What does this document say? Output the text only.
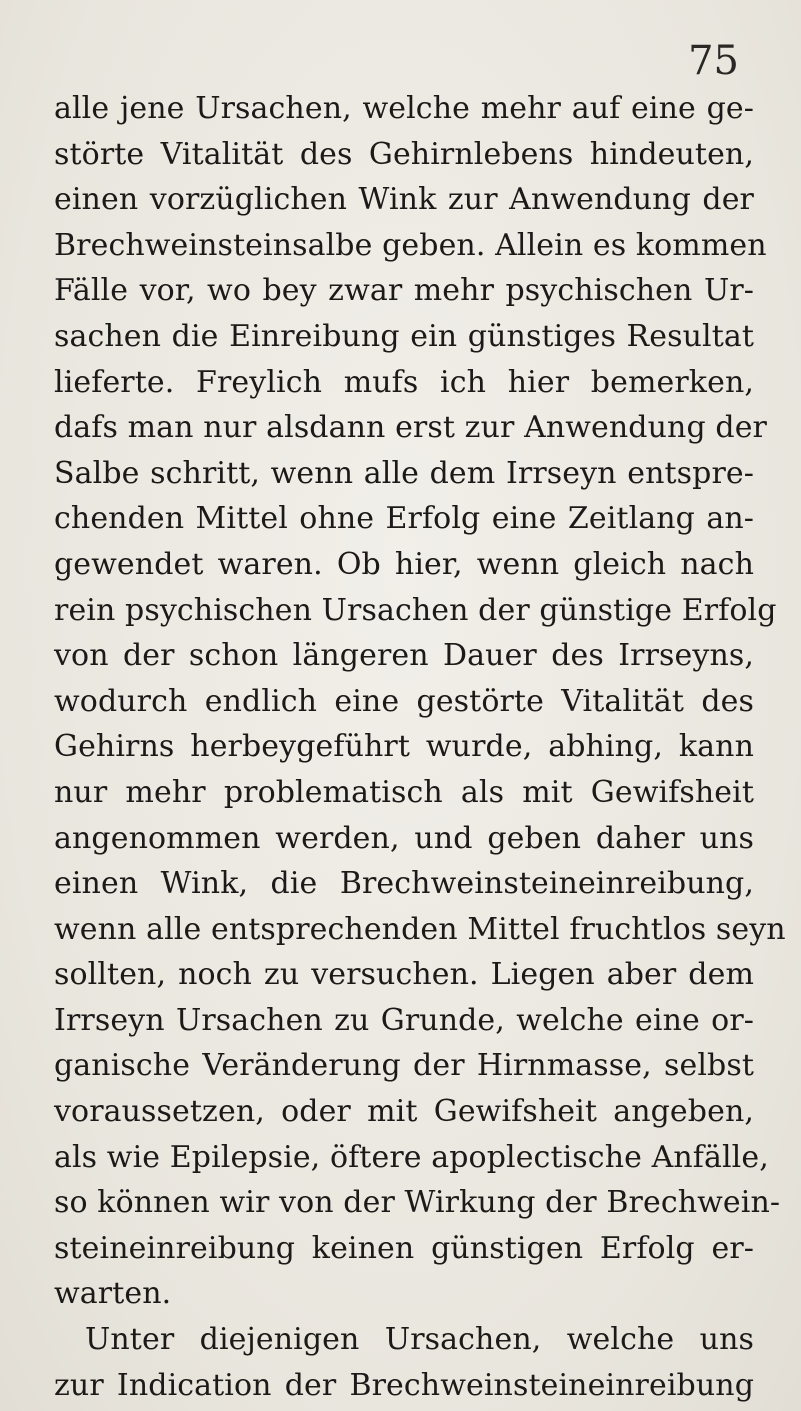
75
alle jene Ursachen, welche mehr auf eine ge-
störte Vitalität des Gehirnlebens hindeuten,
einen vorzüglichen Wink zur Anwendung der
Brechweinsteinsalbe geben. Allein es kommen
Fälle vor, wo bey zwar mehr psychischen Ur-
sachen die Einreibung ein günstiges Resultat
lieferte. Freylich mufs ich hier bemerken,
dafs man nur alsdann erst zur Anwendung der
Salbe schritt, wenn alle dem Irrseyn entspre-
chenden Mittel ohne Erfolg eine Zeitlang an-
gewendet waren. Ob hier, wenn gleich nach
rein psychischen Ursachen der günstige Erfolg
von der schon längeren Dauer des Irrseyns,
wodurch endlich eine gestörte Vitalität des
Gehirns herbeygeführt wurde, abhing, kann
nur mehr problematisch als mit Gewifsheit
angenommen werden, und geben daher uns
einen Wink, die Brechweinsteineinreibung,
wenn alle entsprechenden Mittel fruchtlos seyn
sollten, noch zu versuchen. Liegen aber dem
Irrseyn Ursachen zu Grunde, welche eine or-
ganische Veränderung der Hirnmasse, selbst
voraussetzen, oder mit Gewifsheit angeben,
als wie Epilepsie, öftere apoplectische Anfälle,
so können wir von der Wirkung der Brechwein-
steineinreibung keinen günstigen Erfolg er-
warten.
Unter diejenigen Ursachen, welche uns
zur Indication der Brechweinsteineinreibung
